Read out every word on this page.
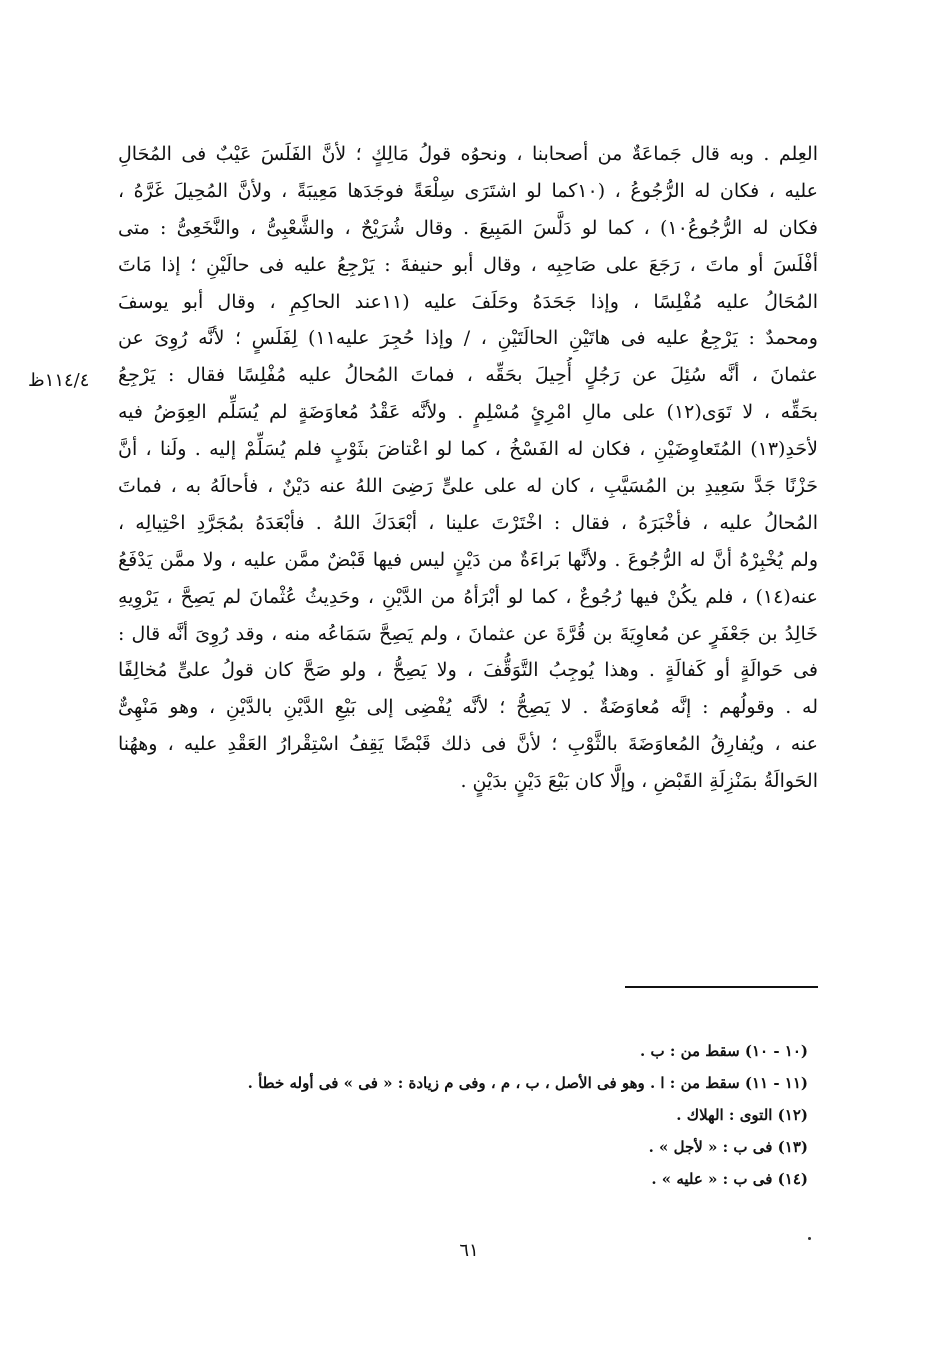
العِلم . وبه قال جَماعَةٌ من أصحابنا ، ونحوُه قولُ مَالِكٍ ؛ لأنَّ الفَلَسَ عَيْبٌ فى المُحَالِ
عليه ، فكان له الرُّجُوعُ ، (١٠كما لو اشتَرَى سِلْعَةً فوجَدَها مَعِيبَةً ، ولأنَّ المُحِيلَ غَرَّهُ ،
فكان له الرُّجُوعُ١٠) ، كما لو دَلَّسَ المَبِيعَ . وقال شُرَيْحٌ ، والشَّعْبِىُّ ، والنَّخَعِىُّ : متى
أفْلَسَ أو ماتَ ، رَجَعَ على صَاحِبِه ، وقال أبو حنيفةَ : يَرْجِعُ عليه فى حالَيْنِ ؛ إذا مَاتَ
المُحَالُ عليه مُفْلِسًا ، وإذا جَحَدَهُ وحَلَفَ عليه (١١عند الحاكِمِ ، وقال أبو يوسفَ
ومحمدٌ : يَرْجِعُ عليه فى هاتَيْنِ الحالَتَيْنِ ، / وإذا حُجِرَ عليه١١) لِفَلَسٍ ؛ لأنَّه رُوِىَ عن
عثمانَ ، أنَّه سُئِلَ عن رَجُلٍ أُحِيلَ بحَقِّه ، فماتَ المُحالُ عليه مُفْلِسًا فقال : يَرْجِعُ
بحَقِّه ، لا تَوَى(١٢) على مالِ امْرِئٍ مُسْلِمٍ . ولأنَّه عَقْدُ مُعاوَضَةٍ لم يُسَلِّم العِوَضُ فيه
لأحَدِ(١٣) المُتَعاوِضَيْنِ ، فكان له الفَسْخُ ، كما لو اعْتاضَ بثَوْبٍ فلم يُسَلِّمْ إليه . ولَنا ، أنَّ
حَزْنًا جَدَّ سَعِيدِ بن المُسَيَّبِ ، كان له على علىٍّ رَضِىَ اللهُ عنه دَيْنٌ ، فأحالَهُ به ، فماتَ
المُحالُ عليه ، فأخْبَرَهُ ، فقال : اخْتَرْتَ علينا ، أبْعَدَكَ اللهُ . فأبْعَدَهُ بمُجَرَّدِ احْتِيالِه ،
ولم يُخْبِرْهُ أنَّ له الرُّجُوعَ . ولأنَّها بَراءَةٌ من دَيْنٍ ليس فيها قَبْضٌ ممَّن عليه ، ولا ممَّن يَدْفَعُ
عنه(١٤) ، فلم يكُنْ فيها رُجُوعٌ ، كما لو أبْرَأهُ من الدَّيْنِ ، وحَدِيثُ عُثْمانَ لم يَصِحَّ ، يَرْوِيهِ
خَالِدُ بن جَعْفَرٍ عن مُعاوِيَةَ بن قُرَّةَ عن عثمانَ ، ولم يَصِحَّ سَمَاعُه منه ، وقد رُوِىَ أنَّه قال :
فى حَوالَةٍ أو كَفالَةٍ . وهذا يُوجِبُ التَّوَقُّفَ ، ولا يَصِحُّ ، ولو صَحَّ كان قولُ علىٍّ مُخالِفًا
له . وقولُهم : إنَّه مُعاوَضَةٌ . لا يَصِحُّ ؛ لأنَّه يُفْضِى إلى بَيْعِ الدَّيْنِ بالدَّيْنِ ، وهو مَنْهِىٌّ
عنه ، ويُفارِقُ المُعاوَضَةَ بالثَّوْبِ ؛ لأنَّ فى ذلك قَبْضًا يَقِفُ اسْتِقْرارُ العَقْدِ عليه ، وههُنا
الحَوالَةُ بمَنْزِلَةِ القَبْضِ ، وإلَّا كان بَيْعَ دَيْنٍ بدَيْنٍ .
١١٤/٤ظ
(١٠ - ١٠) سقط من : ب .
(١١ - ١١) سقط من : ا . وهو فى الأصل ، ب ، م ، وفى م زيادة : « فى » فى أوله خطأ .
(١٢) التوى : الهلاك .
(١٣) فى ب : « لأجل » .
(١٤) فى ب : « عليه » .
٦١
